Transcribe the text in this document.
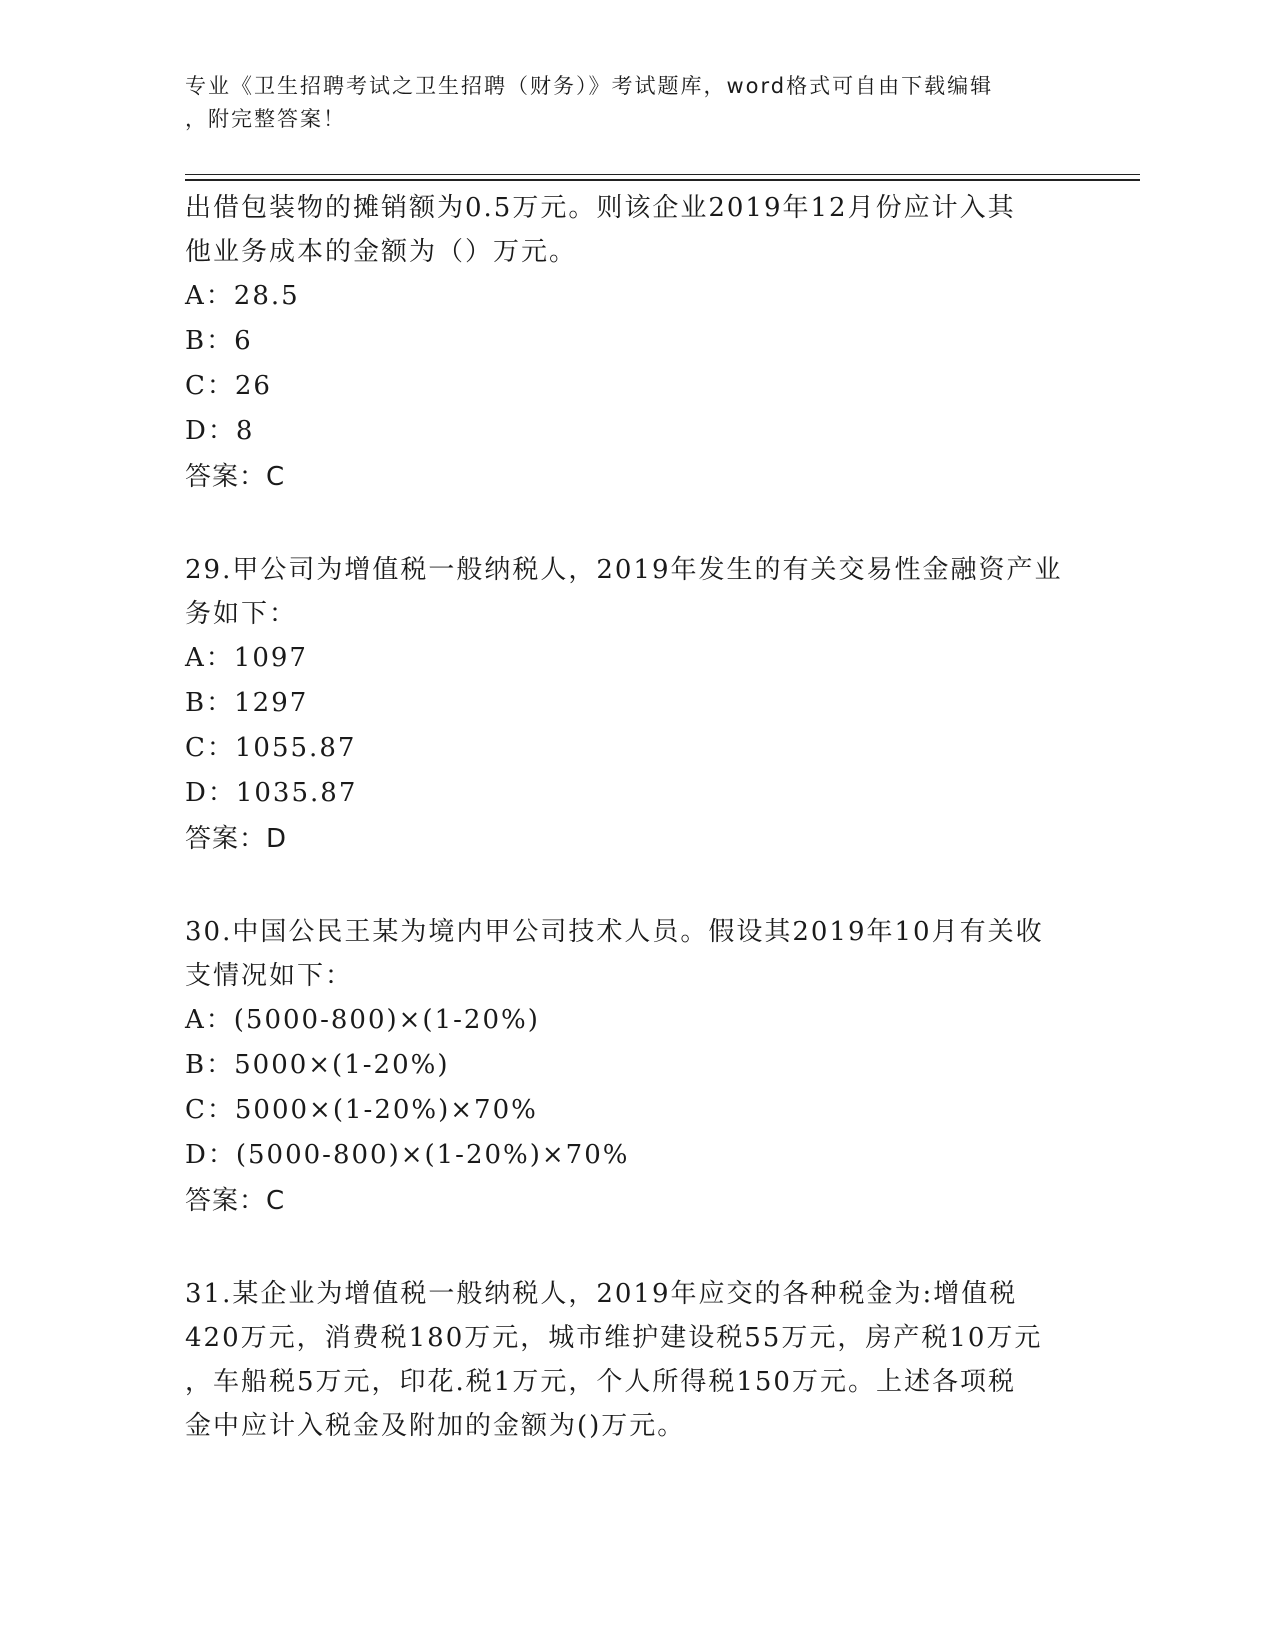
专业《卫生招聘考试之卫生招聘（财务）》考试题库，word格式可自由下载编辑
，附完整答案！
出借包装物的摊销额为0.5万元。则该企业2019年12月份应计入其
他业务成本的金额为（）万元。
A：28.5
B：6
C：26
D：8
答案：C
29.甲公司为增值税一般纳税人，2019年发生的有关交易性金融资产业
务如下：
A：1097
B：1297
C：1055.87
D：1035.87
答案：D
30.中国公民王某为境内甲公司技术人员。假设其2019年10月有关收
支情况如下：
A：(5000-800)×(1-20%)
B：5000×(1-20%)
C：5000×(1-20%)×70%
D：(5000-800)×(1-20%)×70%
答案：C
31.某企业为增值税一般纳税人，2019年应交的各种税金为:增值税
420万元，消费税180万元，城市维护建设税55万元，房产税10万元
，车船税5万元，印花.税1万元，个人所得税150万元。上述各项税
金中应计入税金及附加的金额为()万元。
